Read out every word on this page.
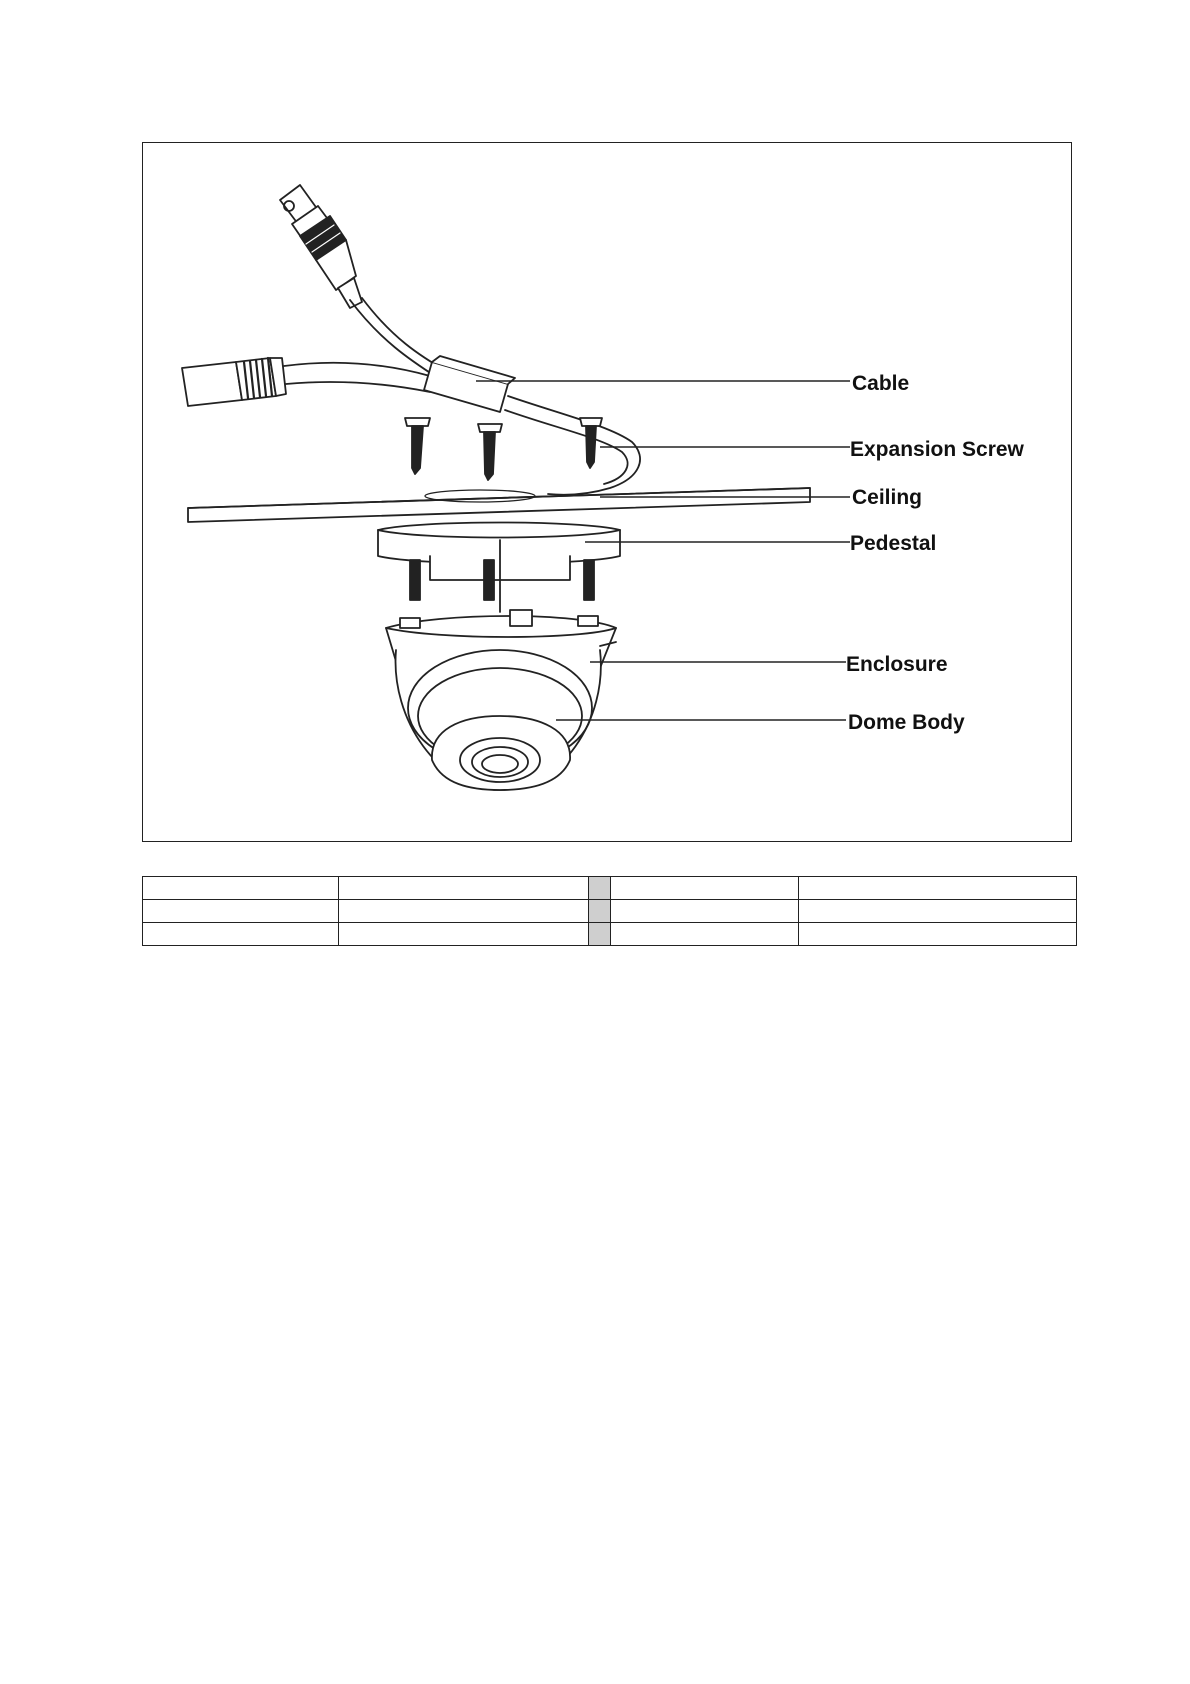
Cable
Expansion Screw
Ceiling
Pedestal
Enclosure
Dome Body
